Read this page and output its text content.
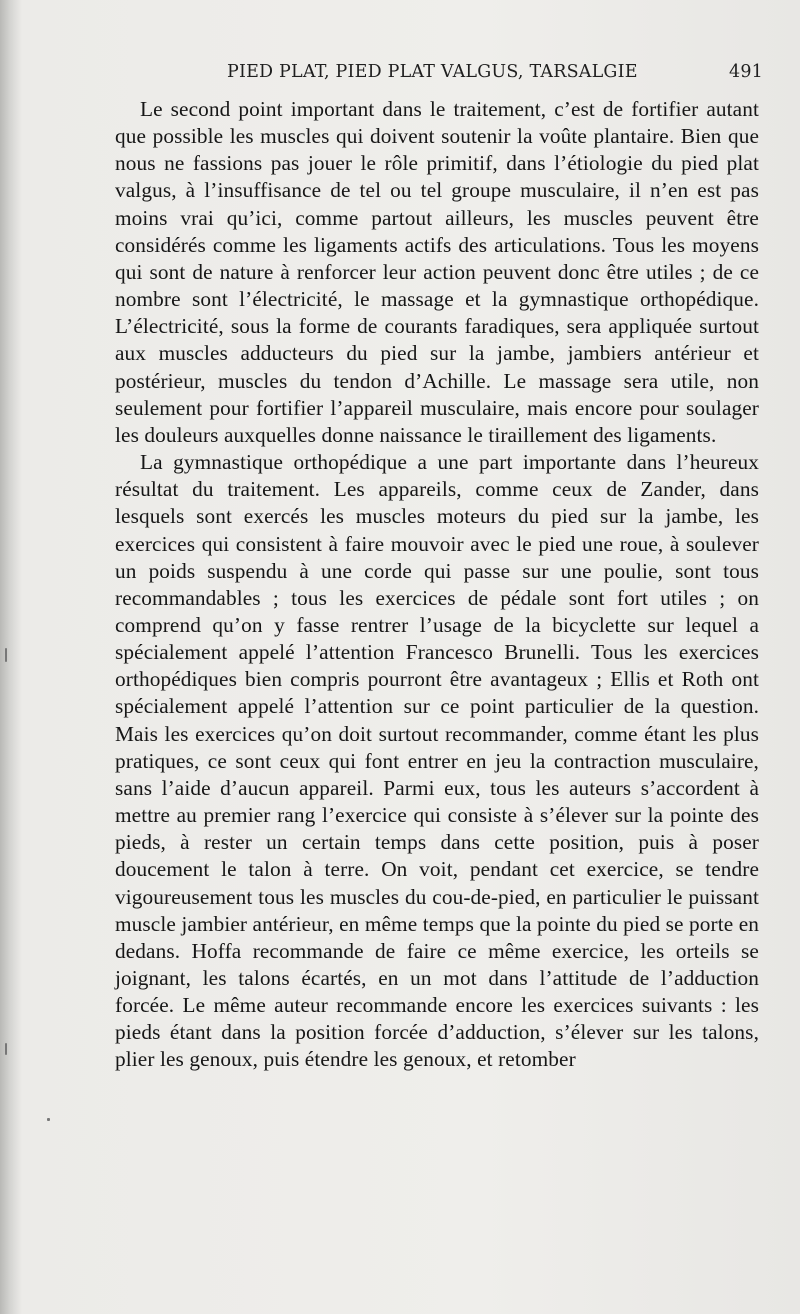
PIED PLAT, PIED PLAT VALGUS, TARSALGIE	491

Le second point important dans le traitement, c’est de fortifier autant que possible les muscles qui doivent soutenir la voûte plantaire. Bien que nous ne fassions pas jouer le rôle primitif, dans l’étiologie du pied plat valgus, à l’insuffisance de tel ou tel groupe musculaire, il n’en est pas moins vrai qu’ici, comme partout ailleurs, les muscles peuvent être considérés comme les ligaments actifs des articulations. Tous les moyens qui sont de nature à renforcer leur action peuvent donc être utiles ; de ce nombre sont l’électricité, le massage et la gymnastique orthopédique. L’électricité, sous la forme de courants faradiques, sera appliquée surtout aux muscles adducteurs du pied sur la jambe, jambiers antérieur et postérieur, muscles du tendon d’Achille. Le massage sera utile, non seulement pour fortifier l’appareil musculaire, mais encore pour soulager les douleurs auxquelles donne naissance le tiraillement des ligaments.

La gymnastique orthopédique a une part importante dans l’heureux résultat du traitement. Les appareils, comme ceux de Zander, dans lesquels sont exercés les muscles moteurs du pied sur la jambe, les exercices qui consistent à faire mouvoir avec le pied une roue, à soulever un poids suspendu à une corde qui passe sur une poulie, sont tous recommandables ; tous les exercices de pédale sont fort utiles ; on comprend qu’on y fasse rentrer l’usage de la bicyclette sur lequel a spécialement appelé l’attention Francesco Brunelli. Tous les exercices orthopédiques bien compris pourront être avantageux ; Ellis et Roth ont spécialement appelé l’attention sur ce point particulier de la question. Mais les exercices qu’on doit surtout recommander, comme étant les plus pratiques, ce sont ceux qui font entrer en jeu la contraction musculaire, sans l’aide d’aucun appareil. Parmi eux, tous les auteurs s’accordent à mettre au premier rang l’exercice qui consiste à s’élever sur la pointe des pieds, à rester un certain temps dans cette position, puis à poser doucement le talon à terre. On voit, pendant cet exercice, se tendre vigoureusement tous les muscles du cou-de-pied, en particulier le puissant muscle jambier antérieur, en même temps que la pointe du pied se porte en dedans. Hoffa recommande de faire ce même exercice, les orteils se joignant, les talons écartés, en un mot dans l’attitude de l’adduction forcée. Le même auteur recommande encore les exercices suivants : les pieds étant dans la position forcée d’adduction, s’élever sur les talons, plier les genoux, puis étendre les genoux, et retomber
